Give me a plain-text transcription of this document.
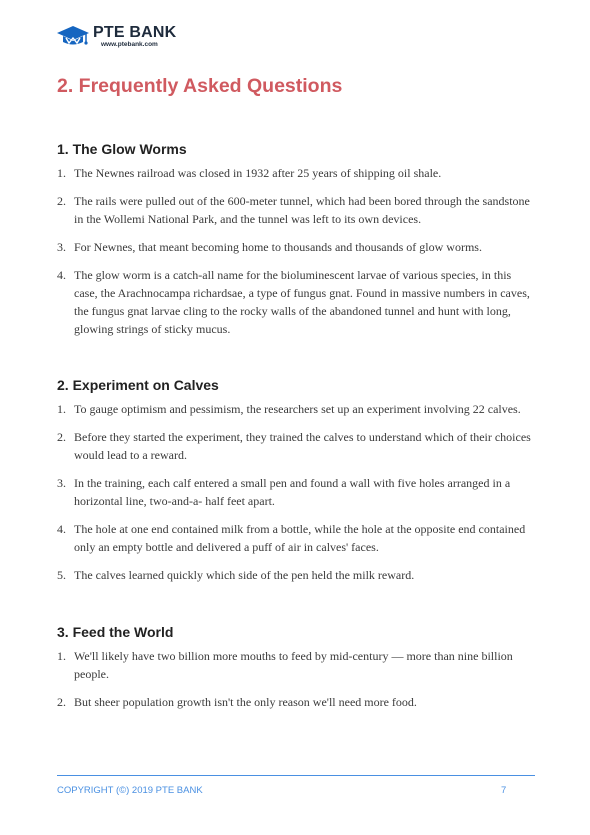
PTE BANK
www.ptebank.com
2. Frequently Asked Questions
1. The Glow Worms
1. The Newnes railroad was closed in 1932 after 25 years of shipping oil shale.
2. The rails were pulled out of the 600-meter tunnel, which had been bored through the sandstone in the Wollemi National Park, and the tunnel was left to its own devices.
3. For Newnes, that meant becoming home to thousands and thousands of glow worms.
4. The glow worm is a catch-all name for the bioluminescent larvae of various species, in this case, the Arachnocampa richardsae, a type of fungus gnat. Found in massive numbers in caves, the fungus gnat larvae cling to the rocky walls of the abandoned tunnel and hunt with long, glowing strings of sticky mucus.
2. Experiment on Calves
1. To gauge optimism and pessimism, the researchers set up an experiment involving 22 calves.
2. Before they started the experiment, they trained the calves to understand which of their choices would lead to a reward.
3. In the training, each calf entered a small pen and found a wall with five holes arranged in a horizontal line, two-and-a- half feet apart.
4. The hole at one end contained milk from a bottle, while the hole at the opposite end contained only an empty bottle and delivered a puff of air in calves' faces.
5. The calves learned quickly which side of the pen held the milk reward.
3. Feed the World
1. We'll likely have two billion more mouths to feed by mid-century — more than nine billion people.
2. But sheer population growth isn't the only reason we'll need more food.
COPYRIGHT (©) 2019 PTE BANK	7
